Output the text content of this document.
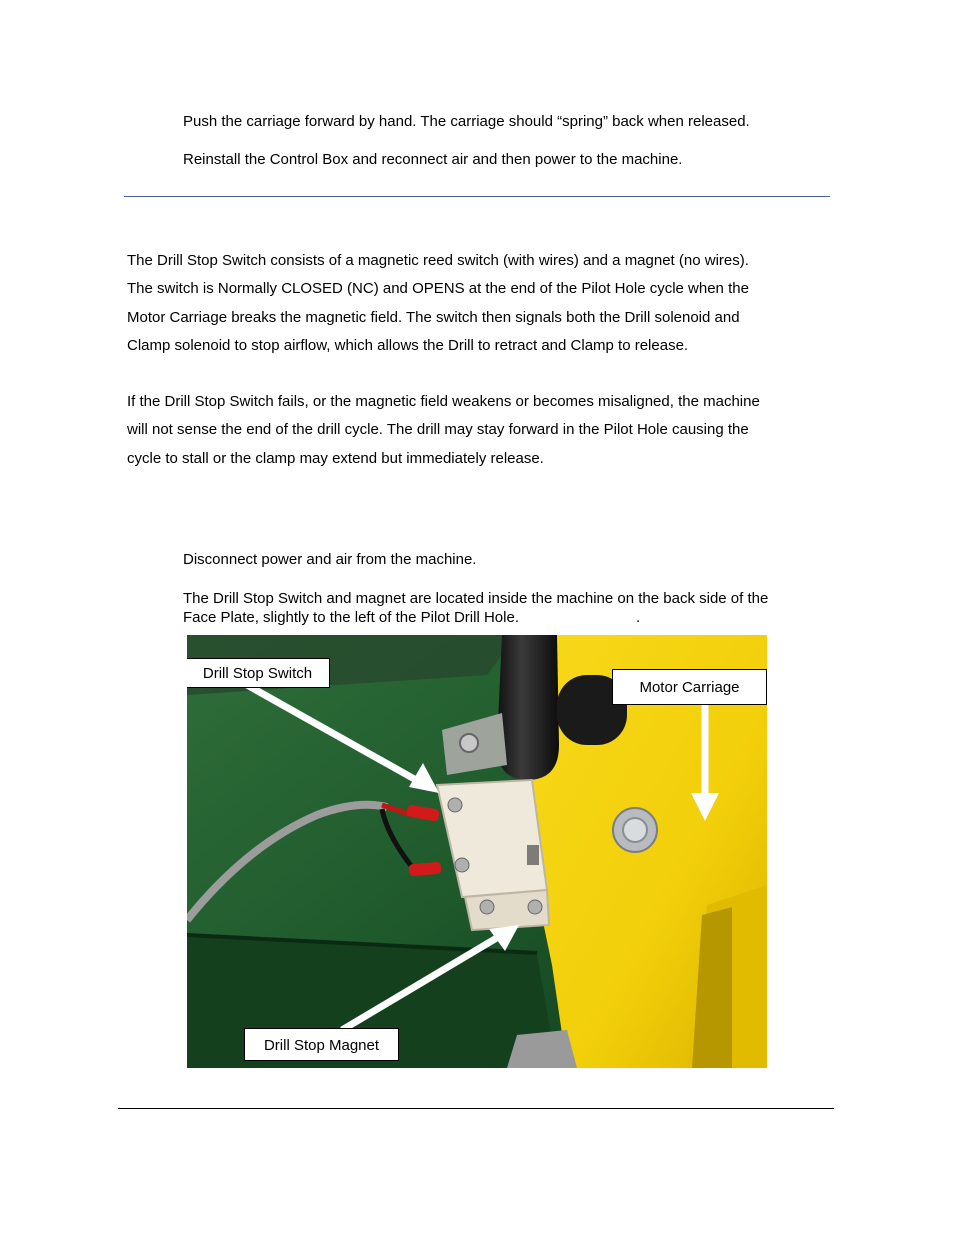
Push the carriage forward by hand. The carriage should “spring” back when released.
Reinstall the Control Box and reconnect air and then power to the machine.
The Drill Stop Switch consists of a magnetic reed switch (with wires) and a magnet (no wires).
The switch is Normally CLOSED (NC) and OPENS at the end of the Pilot Hole cycle when the
Motor Carriage breaks the magnetic field. The switch then signals both the Drill solenoid and
Clamp solenoid to stop airflow, which allows the Drill to retract and Clamp to release.
If the Drill Stop Switch fails, or the magnetic field weakens or becomes misaligned, the machine
will not sense the end of the drill cycle. The drill may stay forward in the Pilot Hole causing the
cycle to stall or the clamp may extend but immediately release.
Disconnect power and air from the machine.
The Drill Stop Switch and magnet are located inside the machine on the back side of the
Face Plate, slightly to the left of the Pilot Drill Hole.	.
Drill Stop Switch
Motor Carriage
Drill Stop Magnet
